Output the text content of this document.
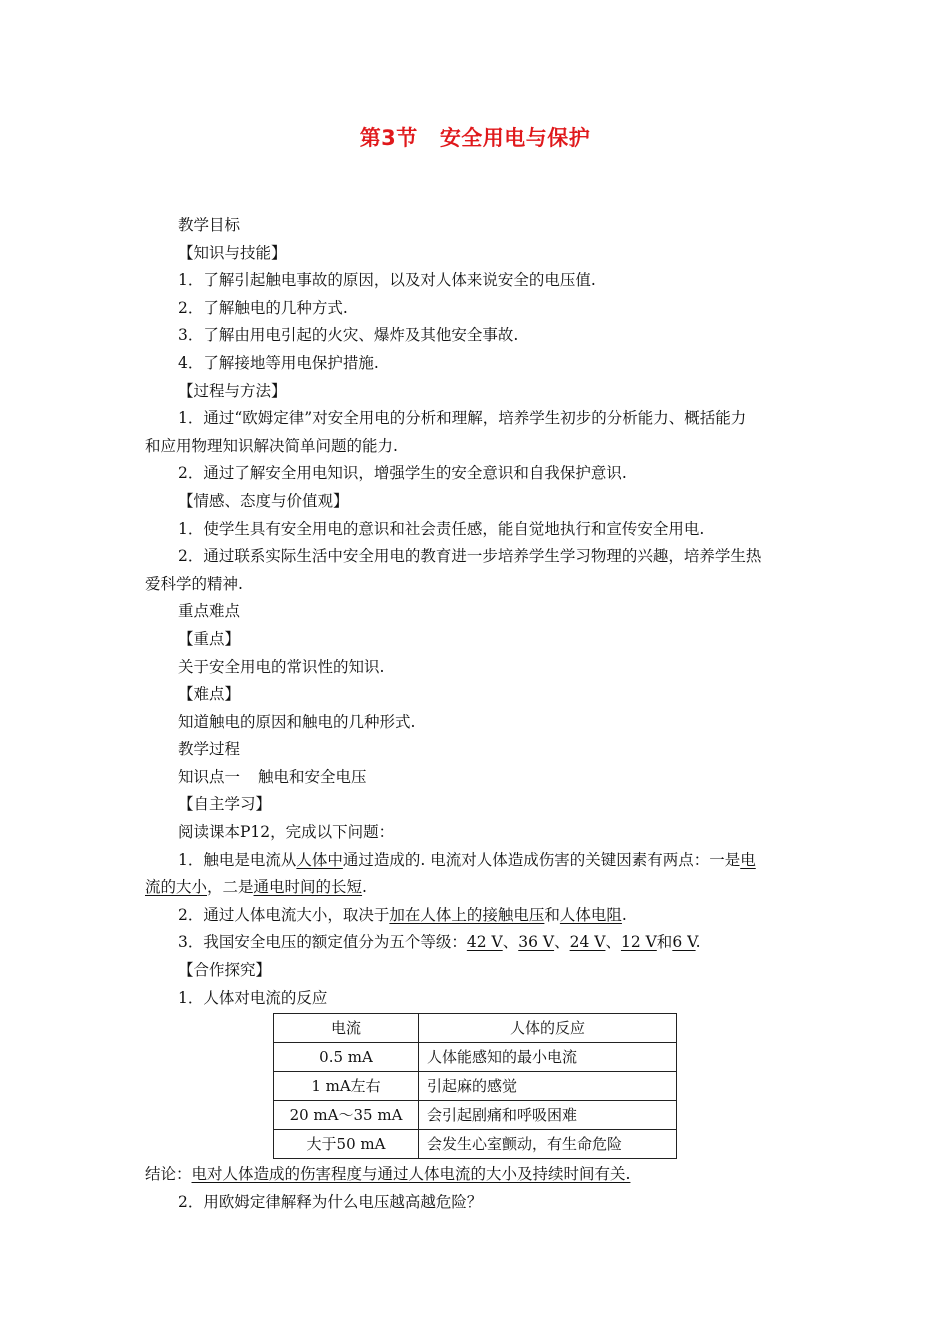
第3节 安全用电与保护

教学目标

【知识与技能】

1．了解引起触电事故的原因，以及对人体来说安全的电压值.

2．了解触电的几种方式.

3．了解由用电引起的火灾、爆炸及其他安全事故.

4．了解接地等用电保护措施.

【过程与方法】

1．通过“欧姆定律”对安全用电的分析和理解，培养学生初步的分析能力、概括能力

和应用物理知识解决简单问题的能力.

2．通过了解安全用电知识，增强学生的安全意识和自我保护意识.

【情感、态度与价值观】

1．使学生具有安全用电的意识和社会责任感，能自觉地执行和宣传安全用电.

2．通过联系实际生活中安全用电的教育进一步培养学生学习物理的兴趣，培养学生热

爱科学的精神.

重点难点

【重点】

关于安全用电的常识性的知识.

【难点】

知道触电的原因和触电的几种形式.

教学过程

知识点一 触电和安全电压

【自主学习】

阅读课本P12，完成以下问题：

1．触电是电流从人体中通过造成的. 电流对人体造成伤害的关键因素有两点：一是电

流的大小，二是通电时间的长短.

2．通过人体电流大小，取决于加在人体上的接触电压和人体电阻.

3．我国安全电压的额定值分为五个等级：42 V、36 V、24 V、12 V和6 V.

【合作探究】

1．人体对电流的反应

电流	人体的反应
0.5 mA	人体能感知的最小电流
1 mA左右	引起麻的感觉
20 mA～35 mA	会引起剧痛和呼吸困难
大于50 mA	会发生心室颤动，有生命危险

结论：电对人体造成的伤害程度与通过人体电流的大小及持续时间有关.

2．用欧姆定律解释为什么电压越高越危险？
